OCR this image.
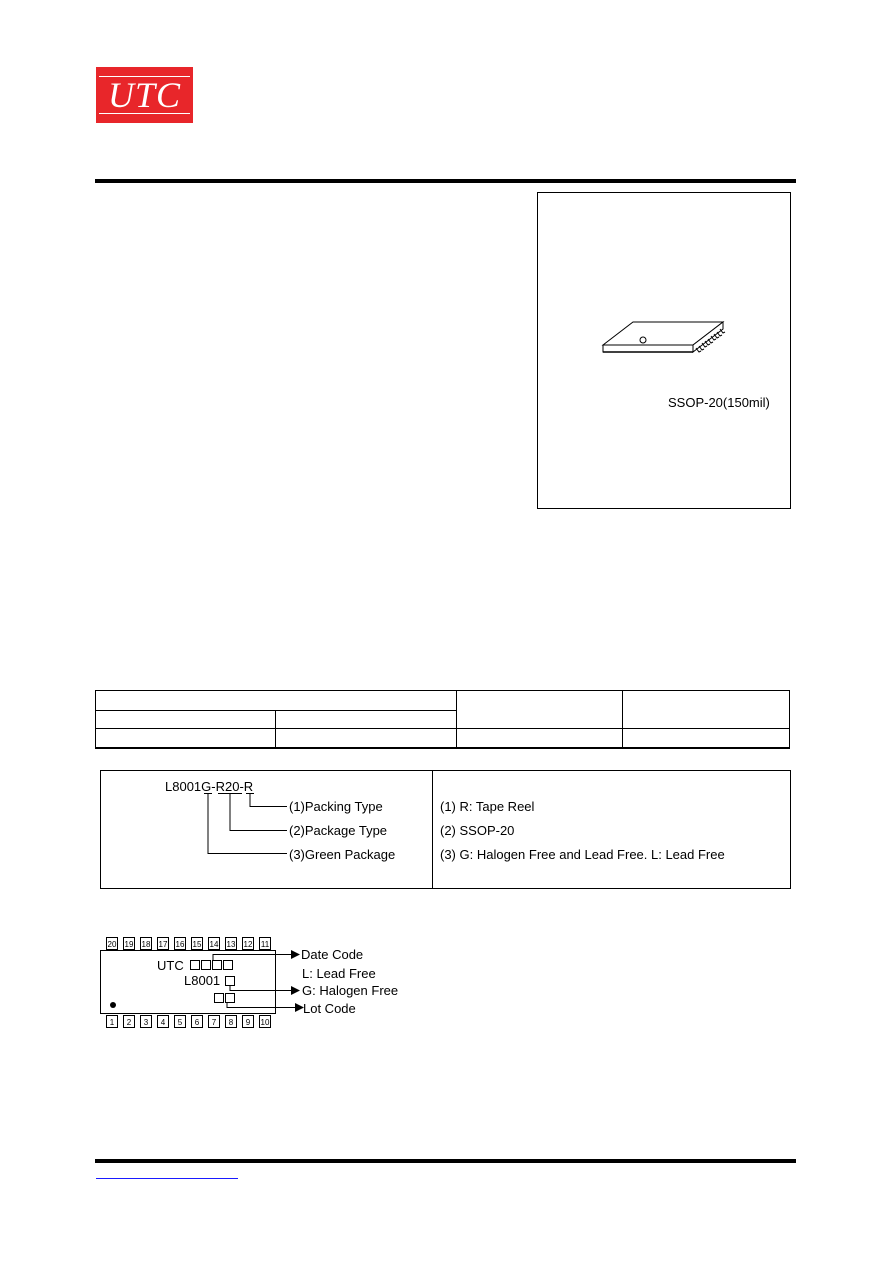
UTC
SSOP-20(150mil)
L8001G-R20-R
(1)Packing Type
(2)Package Type
(3)Green Package
(1) R: Tape Reel
(2) SSOP-20
(3) G: Halogen Free and Lead Free. L: Lead Free
20 19 18 17 16 15 14 13 12 11
1 2 3 4 5 6 7 8 9 10
UTC
L8001
Date Code
L: Lead Free
G: Halogen Free
Lot Code
